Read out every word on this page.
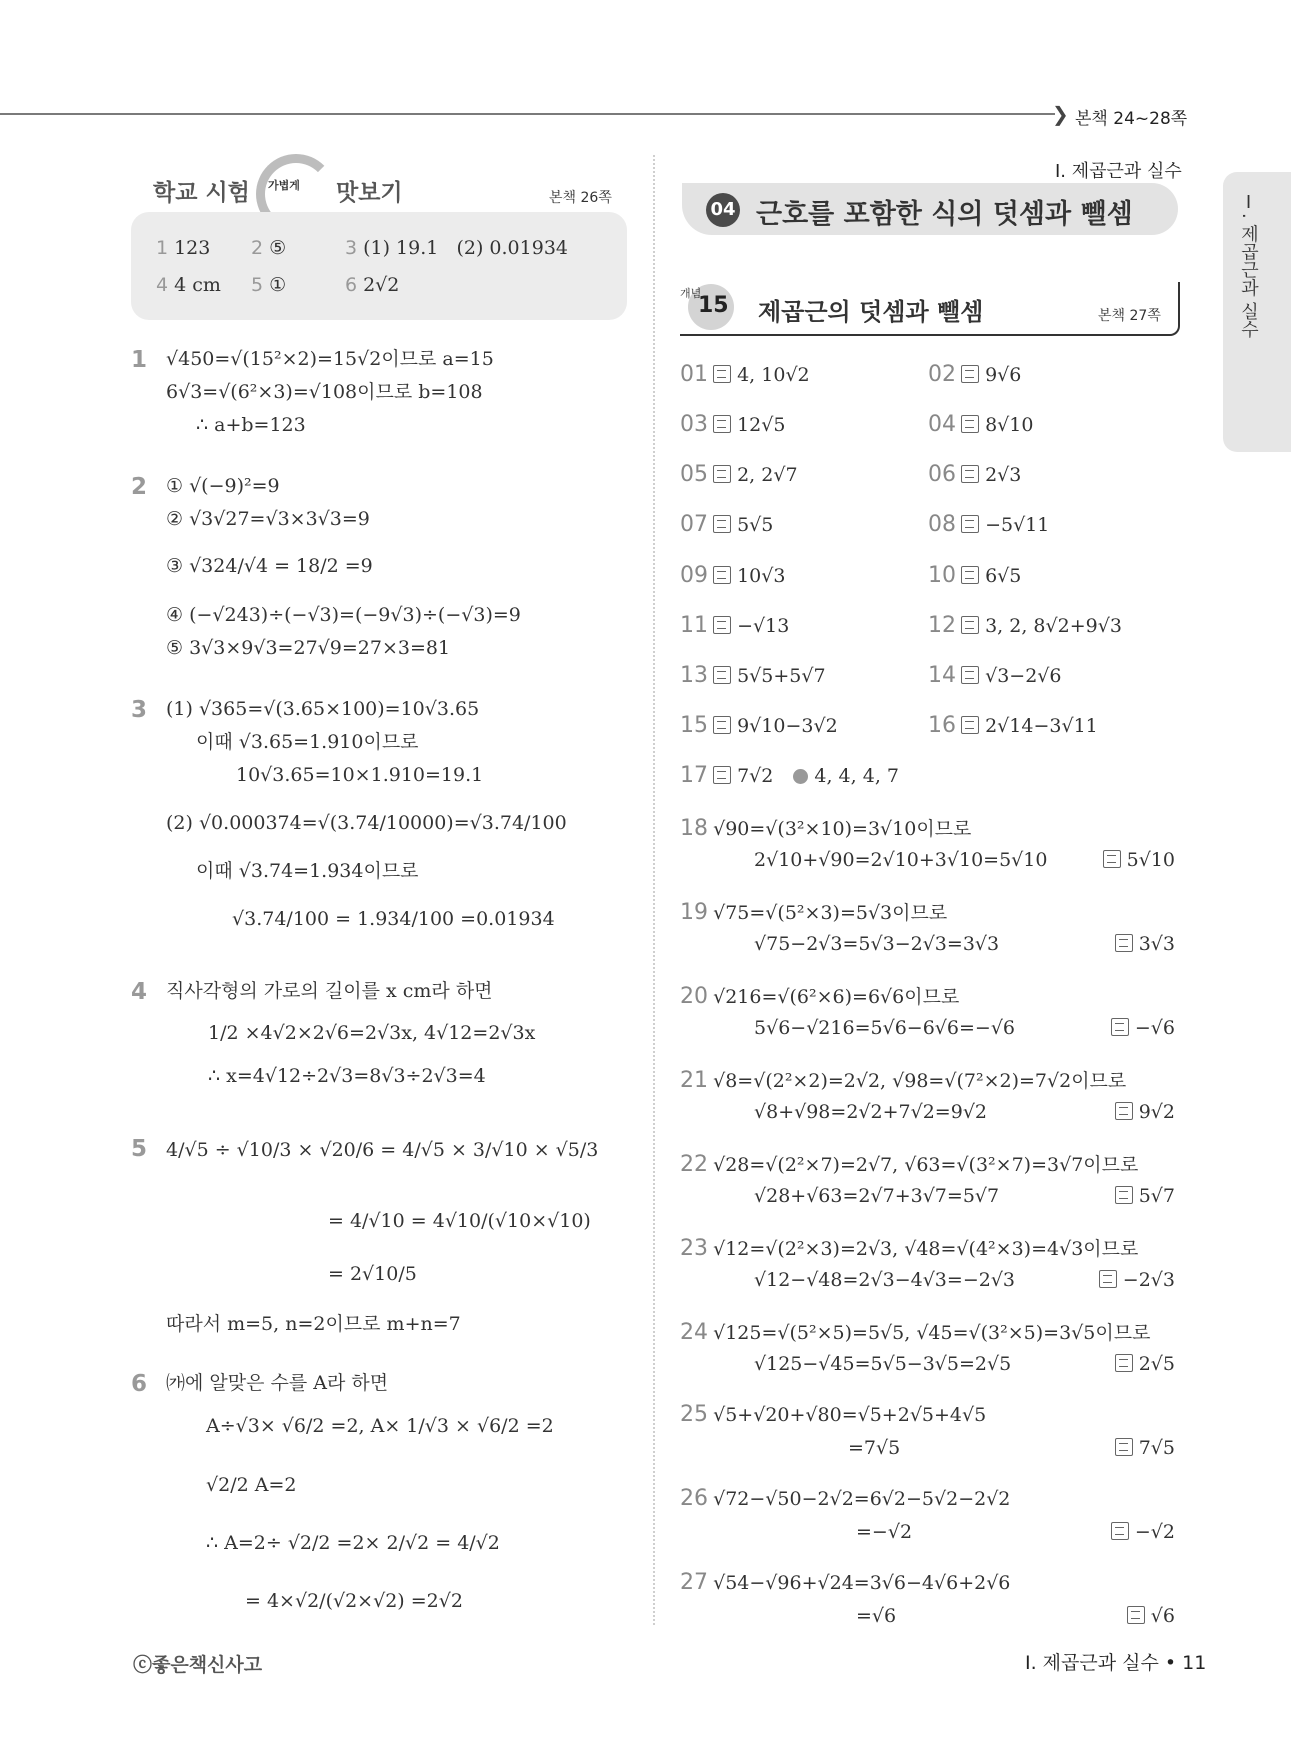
❯ 본책 24~28쪽
Ⅰ. 제곱근과 실수
Ⅰ. 제곱근과 실수
학교 시험 가볍게 맛보기	본책 26쪽
1 123 2 ⑤	3 (1) 19.1   (2) 0.01934
4 4 cm 5 ①	6 2√2
1 √450=√(15²×2)=15√2이므로 a=15
6√3=√(6²×3)=√108이므로 b=108
∴ a+b=123
2 ① √(−9)²=9
② √3√27=√3×3√3=9
③ √324/√4 = 18/2 =9
④ (−√243)÷(−√3)=(−9√3)÷(−√3)=9
⑤ 3√3×9√3=27√9=27×3=81
3 (1) √365=√(3.65×100)=10√3.65
이때 √3.65=1.910이므로
10√3.65=10×1.910=19.1
(2) √0.000374=√(3.74/10000)=√3.74/100
이때 √3.74=1.934이므로
√3.74/100 = 1.934/100 =0.01934
4 직사각형의 가로의 길이를 x cm라 하면
1/2 ×4√2×2√6=2√3x, 4√12=2√3x
∴ x=4√12÷2√3=8√3÷2√3=4
5 4/√5 ÷ √10/3 × √20/6 = 4/√5 × 3/√10 × √5/3
= 4/√10 = 4√10/(√10×√10)
= 2√10/5
따라서 m=5, n=2이므로 m+n=7
6 ㈎에 알맞은 수를 A라 하면
A÷√3× √6/2 =2, A× 1/√3 × √6/2 =2
√2/2 A=2
∴ A=2÷ √2/2 =2× 2/√2 = 4/√2
= 4×√2/(√2×√2) =2√2
04 근호를 포함한 식의 덧셈과 뺄셈
개념
15 제곱근의 덧셈과 뺄셈	본책 27쪽
01 4, 10√2	02 9√6
03 12√5	04 8√10
05 2, 2√7	06 2√3
07 5√5	08 −5√11
09 10√3	10 6√5
11 −√13	12 3, 2, 8√2+9√3
13 5√5+5√7	14 √3−2√6
15 9√10−3√2	16 2√14−3√11
17 7√2 4, 4, 4, 7
18 √90=√(3²×10)=3√10이므로
2√10+√90=2√10+3√10=5√10	5√10
19 √75=√(5²×3)=5√3이므로
√75−2√3=5√3−2√3=3√3	3√3
20 √216=√(6²×6)=6√6이므로
5√6−√216=5√6−6√6=−√6	−√6
21 √8=√(2²×2)=2√2, √98=√(7²×2)=7√2이므로
√8+√98=2√2+7√2=9√2	9√2
22 √28=√(2²×7)=2√7, √63=√(3²×7)=3√7이므로
√28+√63=2√7+3√7=5√7	5√7
23 √12=√(2²×3)=2√3, √48=√(4²×3)=4√3이므로
√12−√48=2√3−4√3=−2√3	−2√3
24 √125=√(5²×5)=5√5, √45=√(3²×5)=3√5이므로
√125−√45=5√5−3√5=2√5	2√5
25 √5+√20+√80=√5+2√5+4√5
=7√5	7√5
26 √72−√50−2√2=6√2−5√2−2√2
=−√2	−√2
27 √54−√96+√24=3√6−4√6+2√6
=√6	√6
ⓒ좋은책신사고	Ⅰ. 제곱근과 실수 • 11
